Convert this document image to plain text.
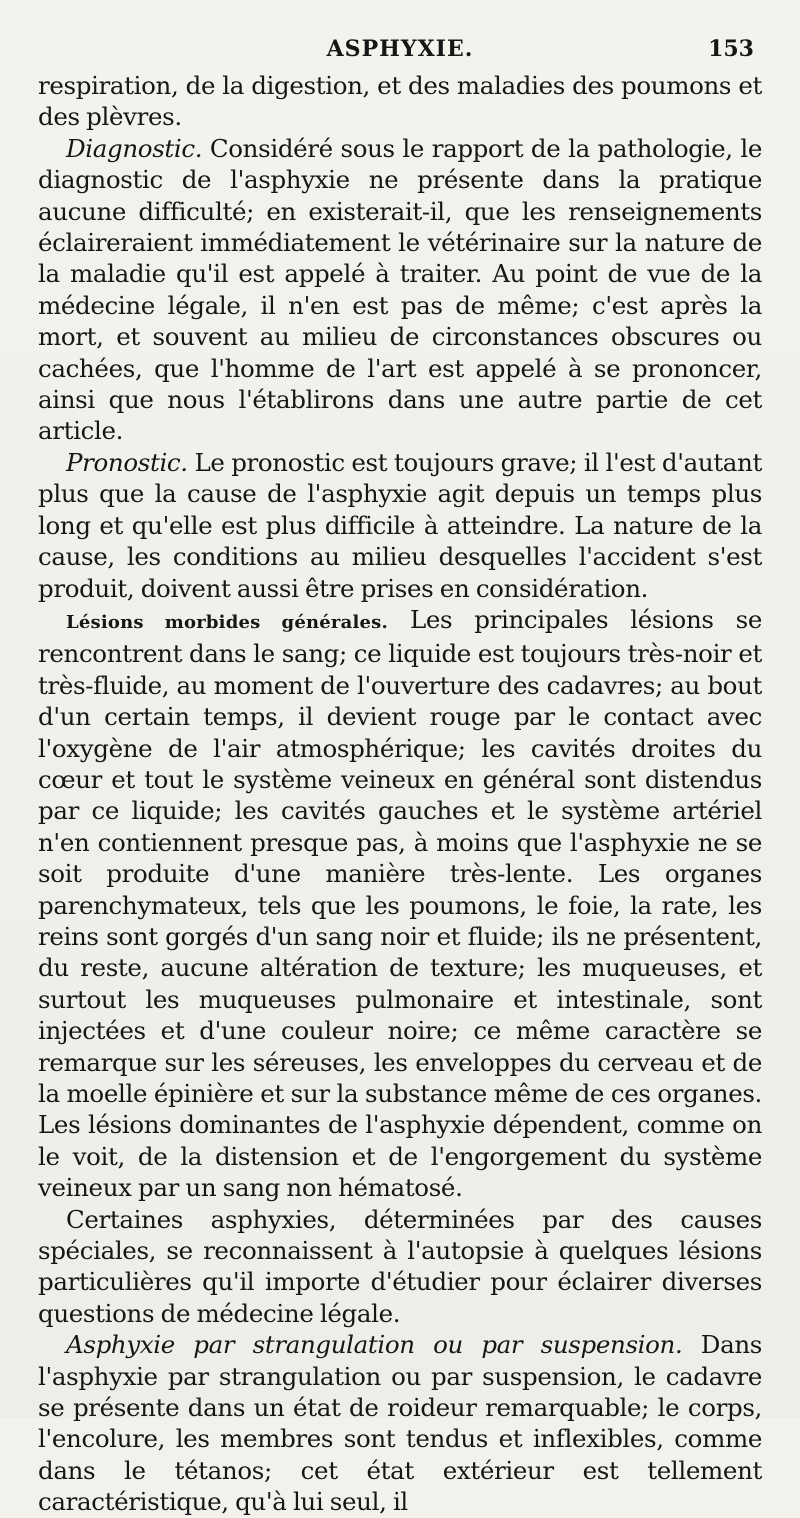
ASPHYXIE.	153

respiration, de la digestion, et des maladies des poumons et des plèvres.

Diagnostic. Considéré sous le rapport de la pathologie, le diagnostic de l'asphyxie ne présente dans la pratique aucune difficulté; en existerait-il, que les renseignements éclaireraient immédiatement le vétérinaire sur la nature de la maladie qu'il est appelé à traiter. Au point de vue de la médecine légale, il n'en est pas de même; c'est après la mort, et souvent au milieu de circonstances obscures ou cachées, que l'homme de l'art est appelé à se prononcer, ainsi que nous l'établirons dans une autre partie de cet article.

Pronostic. Le pronostic est toujours grave; il l'est d'autant plus que la cause de l'asphyxie agit depuis un temps plus long et qu'elle est plus difficile à atteindre. La nature de la cause, les conditions au milieu desquelles l'accident s'est produit, doivent aussi être prises en considération.

Lésions morbides générales. Les principales lésions se rencontrent dans le sang; ce liquide est toujours très-noir et très-fluide, au moment de l'ouverture des cadavres; au bout d'un certain temps, il devient rouge par le contact avec l'oxygène de l'air atmosphérique; les cavités droites du cœur et tout le système veineux en général sont distendus par ce liquide; les cavités gauches et le système artériel n'en contiennent presque pas, à moins que l'asphyxie ne se soit produite d'une manière très-lente. Les organes parenchymateux, tels que les poumons, le foie, la rate, les reins sont gorgés d'un sang noir et fluide; ils ne présentent, du reste, aucune altération de texture; les muqueuses, et surtout les muqueuses pulmonaire et intestinale, sont injectées et d'une couleur noire; ce même caractère se remarque sur les séreuses, les enveloppes du cerveau et de la moelle épinière et sur la substance même de ces organes. Les lésions dominantes de l'asphyxie dépendent, comme on le voit, de la distension et de l'engorgement du système veineux par un sang non hématosé.

Certaines asphyxies, déterminées par des causes spéciales, se reconnaissent à l'autopsie à quelques lésions particulières qu'il importe d'étudier pour éclairer diverses questions de médecine légale.

Asphyxie par strangulation ou par suspension. Dans l'asphyxie par strangulation ou par suspension, le cadavre se présente dans un état de roideur remarquable; le corps, l'encolure, les membres sont tendus et inflexibles, comme dans le tétanos; cet état extérieur est tellement caractéristique, qu'à lui seul, il
